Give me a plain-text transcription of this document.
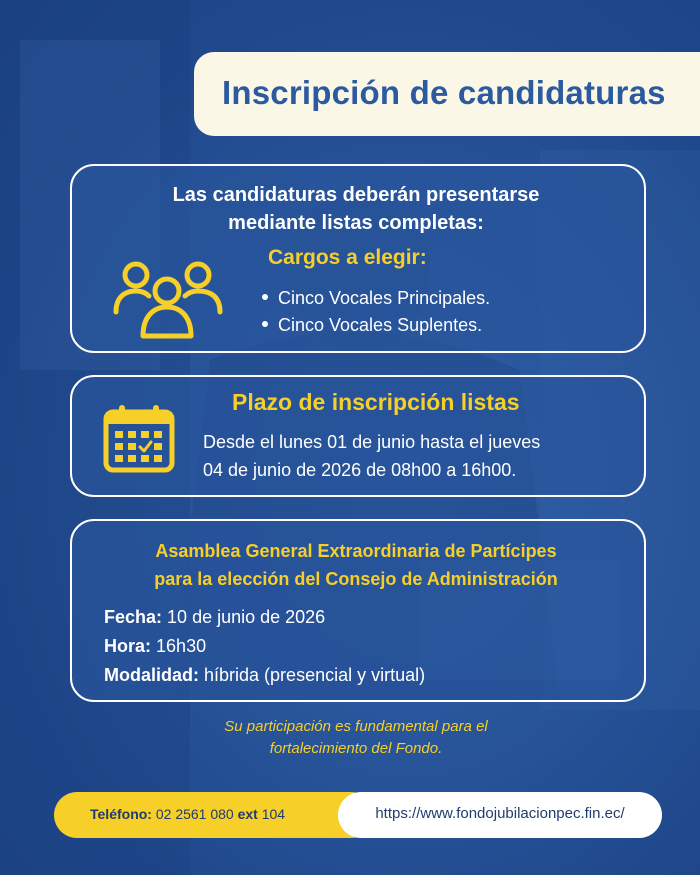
Inscripción de candidaturas
Las candidaturas deberán presentarse
mediante listas completas:
Cargos a elegir:
Cinco Vocales Principales.
Cinco Vocales Suplentes.
Plazo de inscripción listas
Desde el lunes 01 de junio hasta el jueves
04 de junio de 2026 de 08h00 a 16h00.
Asamblea General Extraordinaria de Partícipes
para la elección del Consejo de Administración
Fecha: 10 de junio de 2026
Hora: 16h30
Modalidad: híbrida (presencial y virtual)
Su participación es fundamental para el
fortalecimiento del Fondo.
Teléfono: 02 2561 080 ext 104	https://www.fondojubilacionpec.fin.ec/
